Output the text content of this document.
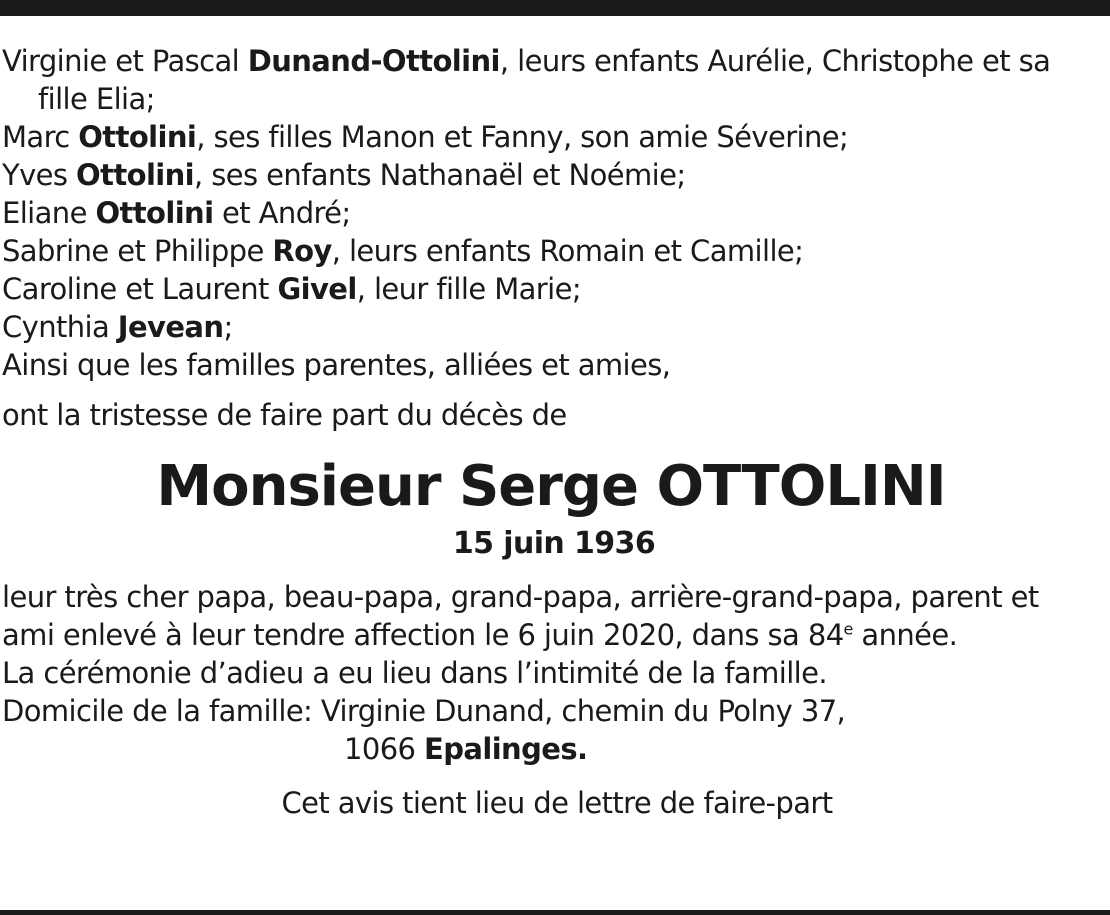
Virginie et Pascal Dunand-Ottolini, leurs enfants Aurélie, Christophe et sa
fille Elia;
Marc Ottolini, ses filles Manon et Fanny, son amie Séverine;
Yves Ottolini, ses enfants Nathanaël et Noémie;
Eliane Ottolini et André;
Sabrine et Philippe Roy, leurs enfants Romain et Camille;
Caroline et Laurent Givel, leur fille Marie;
Cynthia Jevean;
Ainsi que les familles parentes, alliées et amies,
ont la tristesse de faire part du décès de
Monsieur Serge OTTOLINI
15 juin 1936
leur très cher papa, beau-papa, grand-papa, arrière-grand-papa, parent et
ami enlevé à leur tendre affection le 6 juin 2020, dans sa 84e année.
La cérémonie d’adieu a eu lieu dans l’intimité de la famille.
Domicile de la famille: Virginie Dunand, chemin du Polny 37,
1066 Epalinges.
Cet avis tient lieu de lettre de faire-part
